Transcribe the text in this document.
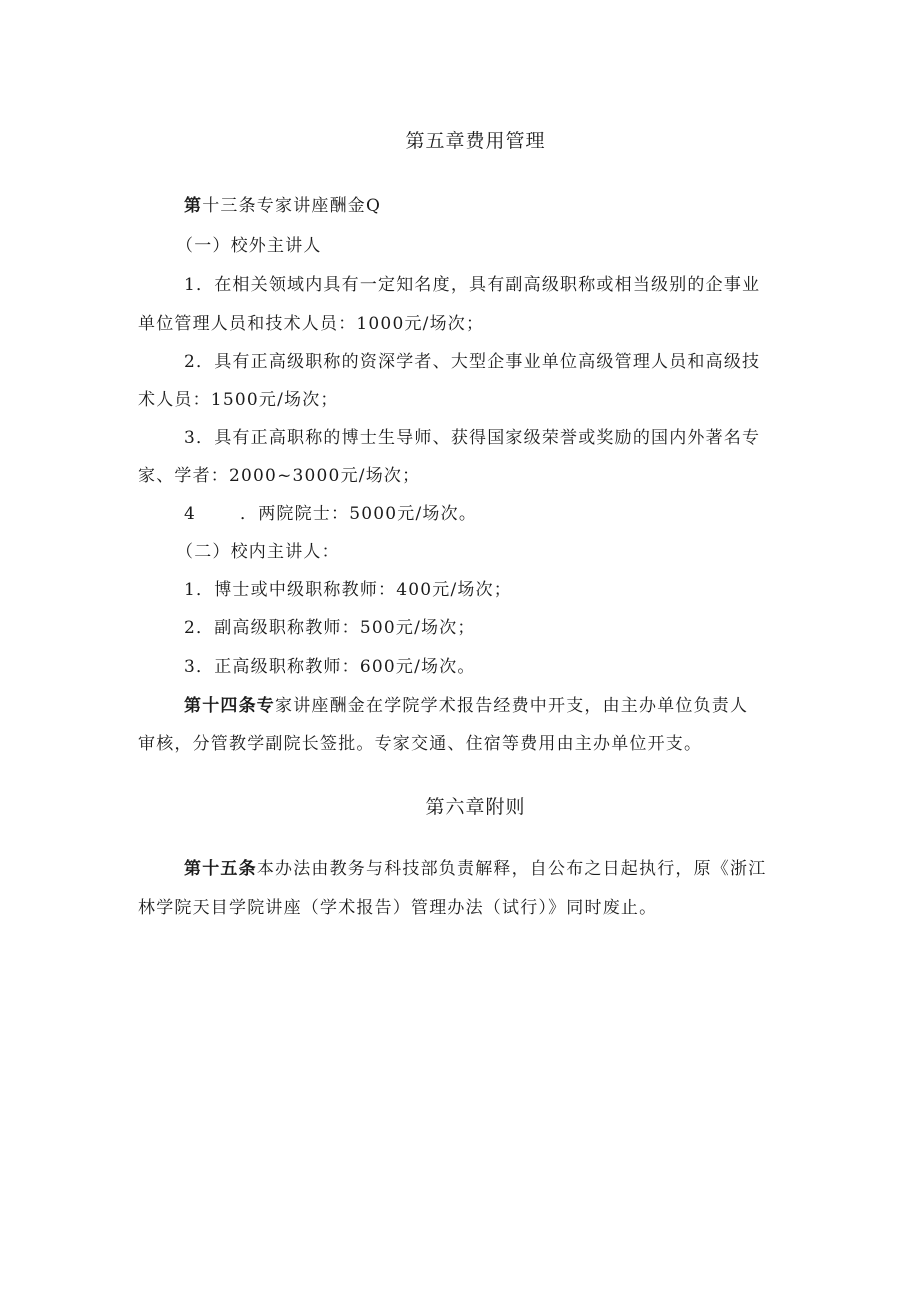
第五章费用管理
第十三条专家讲座酬金Q
（一）校外主讲人
1．在相关领域内具有一定知名度，具有副高级职称或相当级别的企事业
单位管理人员和技术人员：1000元/场次；
2．具有正高级职称的资深学者、大型企事业单位高级管理人员和高级技
术人员：1500元/场次；
3．具有正高职称的博士生导师、获得国家级荣誉或奖励的国内外著名专
家、学者：2000~3000元/场次；
4	．两院院士：5000元/场次。
（二）校内主讲人：
1．博士或中级职称教师：400元/场次；
2．副高级职称教师：500元/场次；
3．正高级职称教师：600元/场次。
第十四条专家讲座酬金在学院学术报告经费中开支，由主办单位负责人
审核，分管教学副院长签批。专家交通、住宿等费用由主办单位开支。
第六章附则
第十五条本办法由教务与科技部负责解释，自公布之日起执行，原《浙江
林学院天目学院讲座（学术报告）管理办法（试行）》同时废止。
